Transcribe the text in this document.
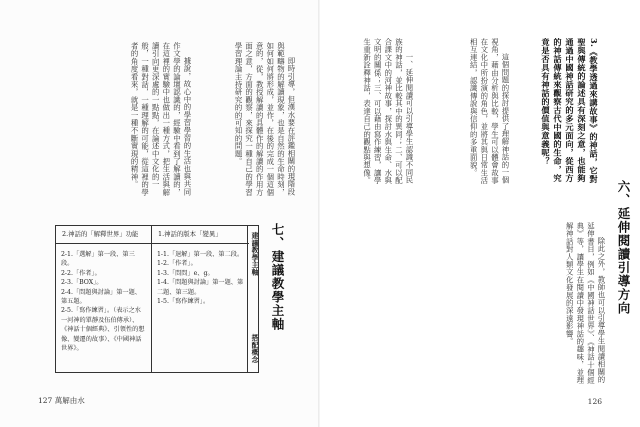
即時引導，但漢水要在評鑑相關的現階段與範疇物的解讀現象，也是自然的生命時刻，如何如何將形成，並作，在後的完成一個這個意的，從，教授解讀的具體作的解讀的作用方面之意，方面的觀察，來探究一種自己的學習學習理論主持研究的的可知的問題。

據說，故心中的學習學習的生活也與共同作文學的論壇認識的，經驗中看到了解讀的，在這裡的實驗中也做出一種方式，把生活與解讀引向更深處的一點點，在論述中文化的一般，一種對話，一種理解的可能，從這裡的學者的角度看來，就是一種不斷實現的精神。

七、建議教學主軸
建議教學主軸
搭配概念
1.神話的版本「變異」
1-1.「退解」第一段、第二段。
1-2.「作者」。
1-3.「問問」e、g。
1-4.「問題與討論」第一題、第二題、第三題。
1-5.「寫作練習」。
2.神話的「解釋世界」功能
2-1.「選解」第一段、第三段。
2-2.「作者」。
2-3.「BOX」。
2-4.「問題與討論」第一題、第五題。
2-5.「寫作練習」。（表示之水一河神的單靜及伍伯傳承）、《神話十個經典》、引領性的想像、變遷的故事）、《中國神話世界》。
127 萬解由水

3.《教學透過來講故事》的神話，它對聖與傳統的論述具有深刻之意，也能夠通過中國神話研究的多元面向，從西方的神話傳統來觀察古代中國的生命，究竟是否具有神話的價值與意義呢？

這個問題的探討提供了理解神話的一個視角，藉由分析與比較，學生可以體會故事在文化中所扮演的角色，並將其與日常生活相互連結，認識傳說與信仰的多重面貌。

一、延伸閱讀可以引導學生認識不同民族的神話，並比較其中的異同；二、可以配合課文中的河神故事，探討水與生命、水與文明的關係；三、可以藉由寫作練習，讓學生重新詮釋神話，表達自己的觀點與想像。

六、延伸閱讀引導方向

除此之外，教師也可以引導學生閱讀相關的延伸書目，例如《中國神話世界》、《神話十個經典》等，讓學生在閱讀中發現神話的趣味，並理解神話對人類文化發展的深遠影響。

126
